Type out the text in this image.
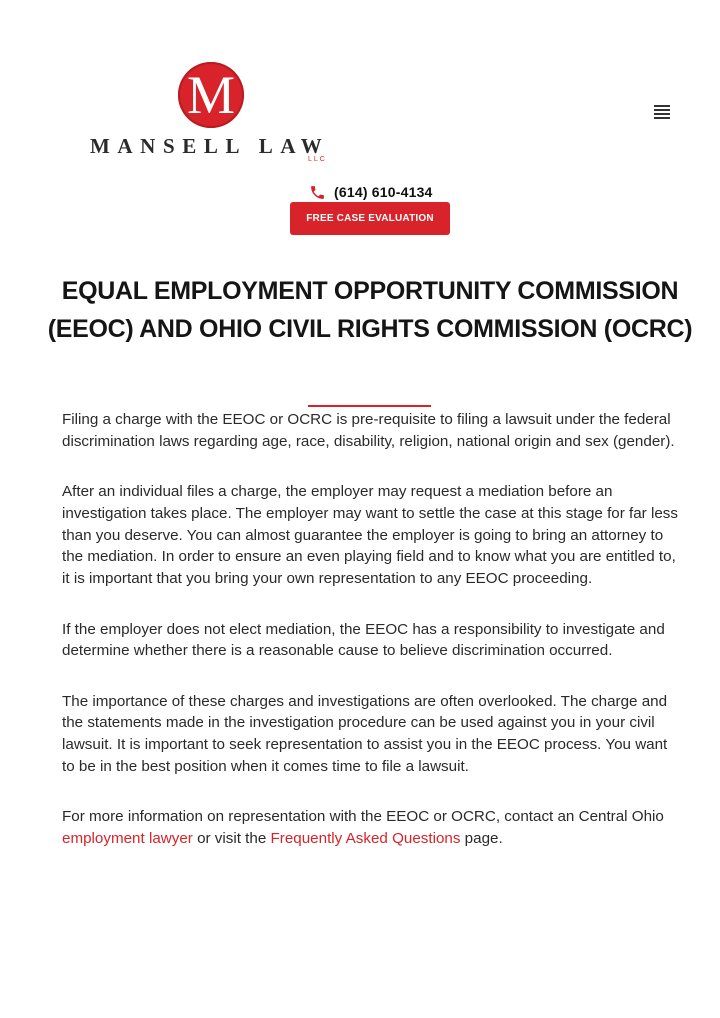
M
MANSELL LAW
LLC
(614) 610-4134
FREE CASE EVALUATION
EQUAL EMPLOYMENT OPPORTUNITY COMMISSION (EEOC) AND OHIO CIVIL RIGHTS COMMISSION (OCRC)

Filing a charge with the EEOC or OCRC is pre-requisite to filing a lawsuit under the federal discrimination laws regarding age, race, disability, religion, national origin and sex (gender).

After an individual files a charge, the employer may request a mediation before an investigation takes place. The employer may want to settle the case at this stage for far less than you deserve. You can almost guarantee the employer is going to bring an attorney to the mediation. In order to ensure an even playing field and to know what you are entitled to, it is important that you bring your own representation to any EEOC proceeding.

If the employer does not elect mediation, the EEOC has a responsibility to investigate and determine whether there is a reasonable cause to believe discrimination occurred.

The importance of these charges and investigations are often overlooked. The charge and the statements made in the investigation procedure can be used against you in your civil lawsuit. It is important to seek representation to assist you in the EEOC process. You want to be in the best position when it comes time to file a lawsuit.

For more information on representation with the EEOC or OCRC, contact an Central Ohio employment lawyer or visit the Frequently Asked Questions page.
